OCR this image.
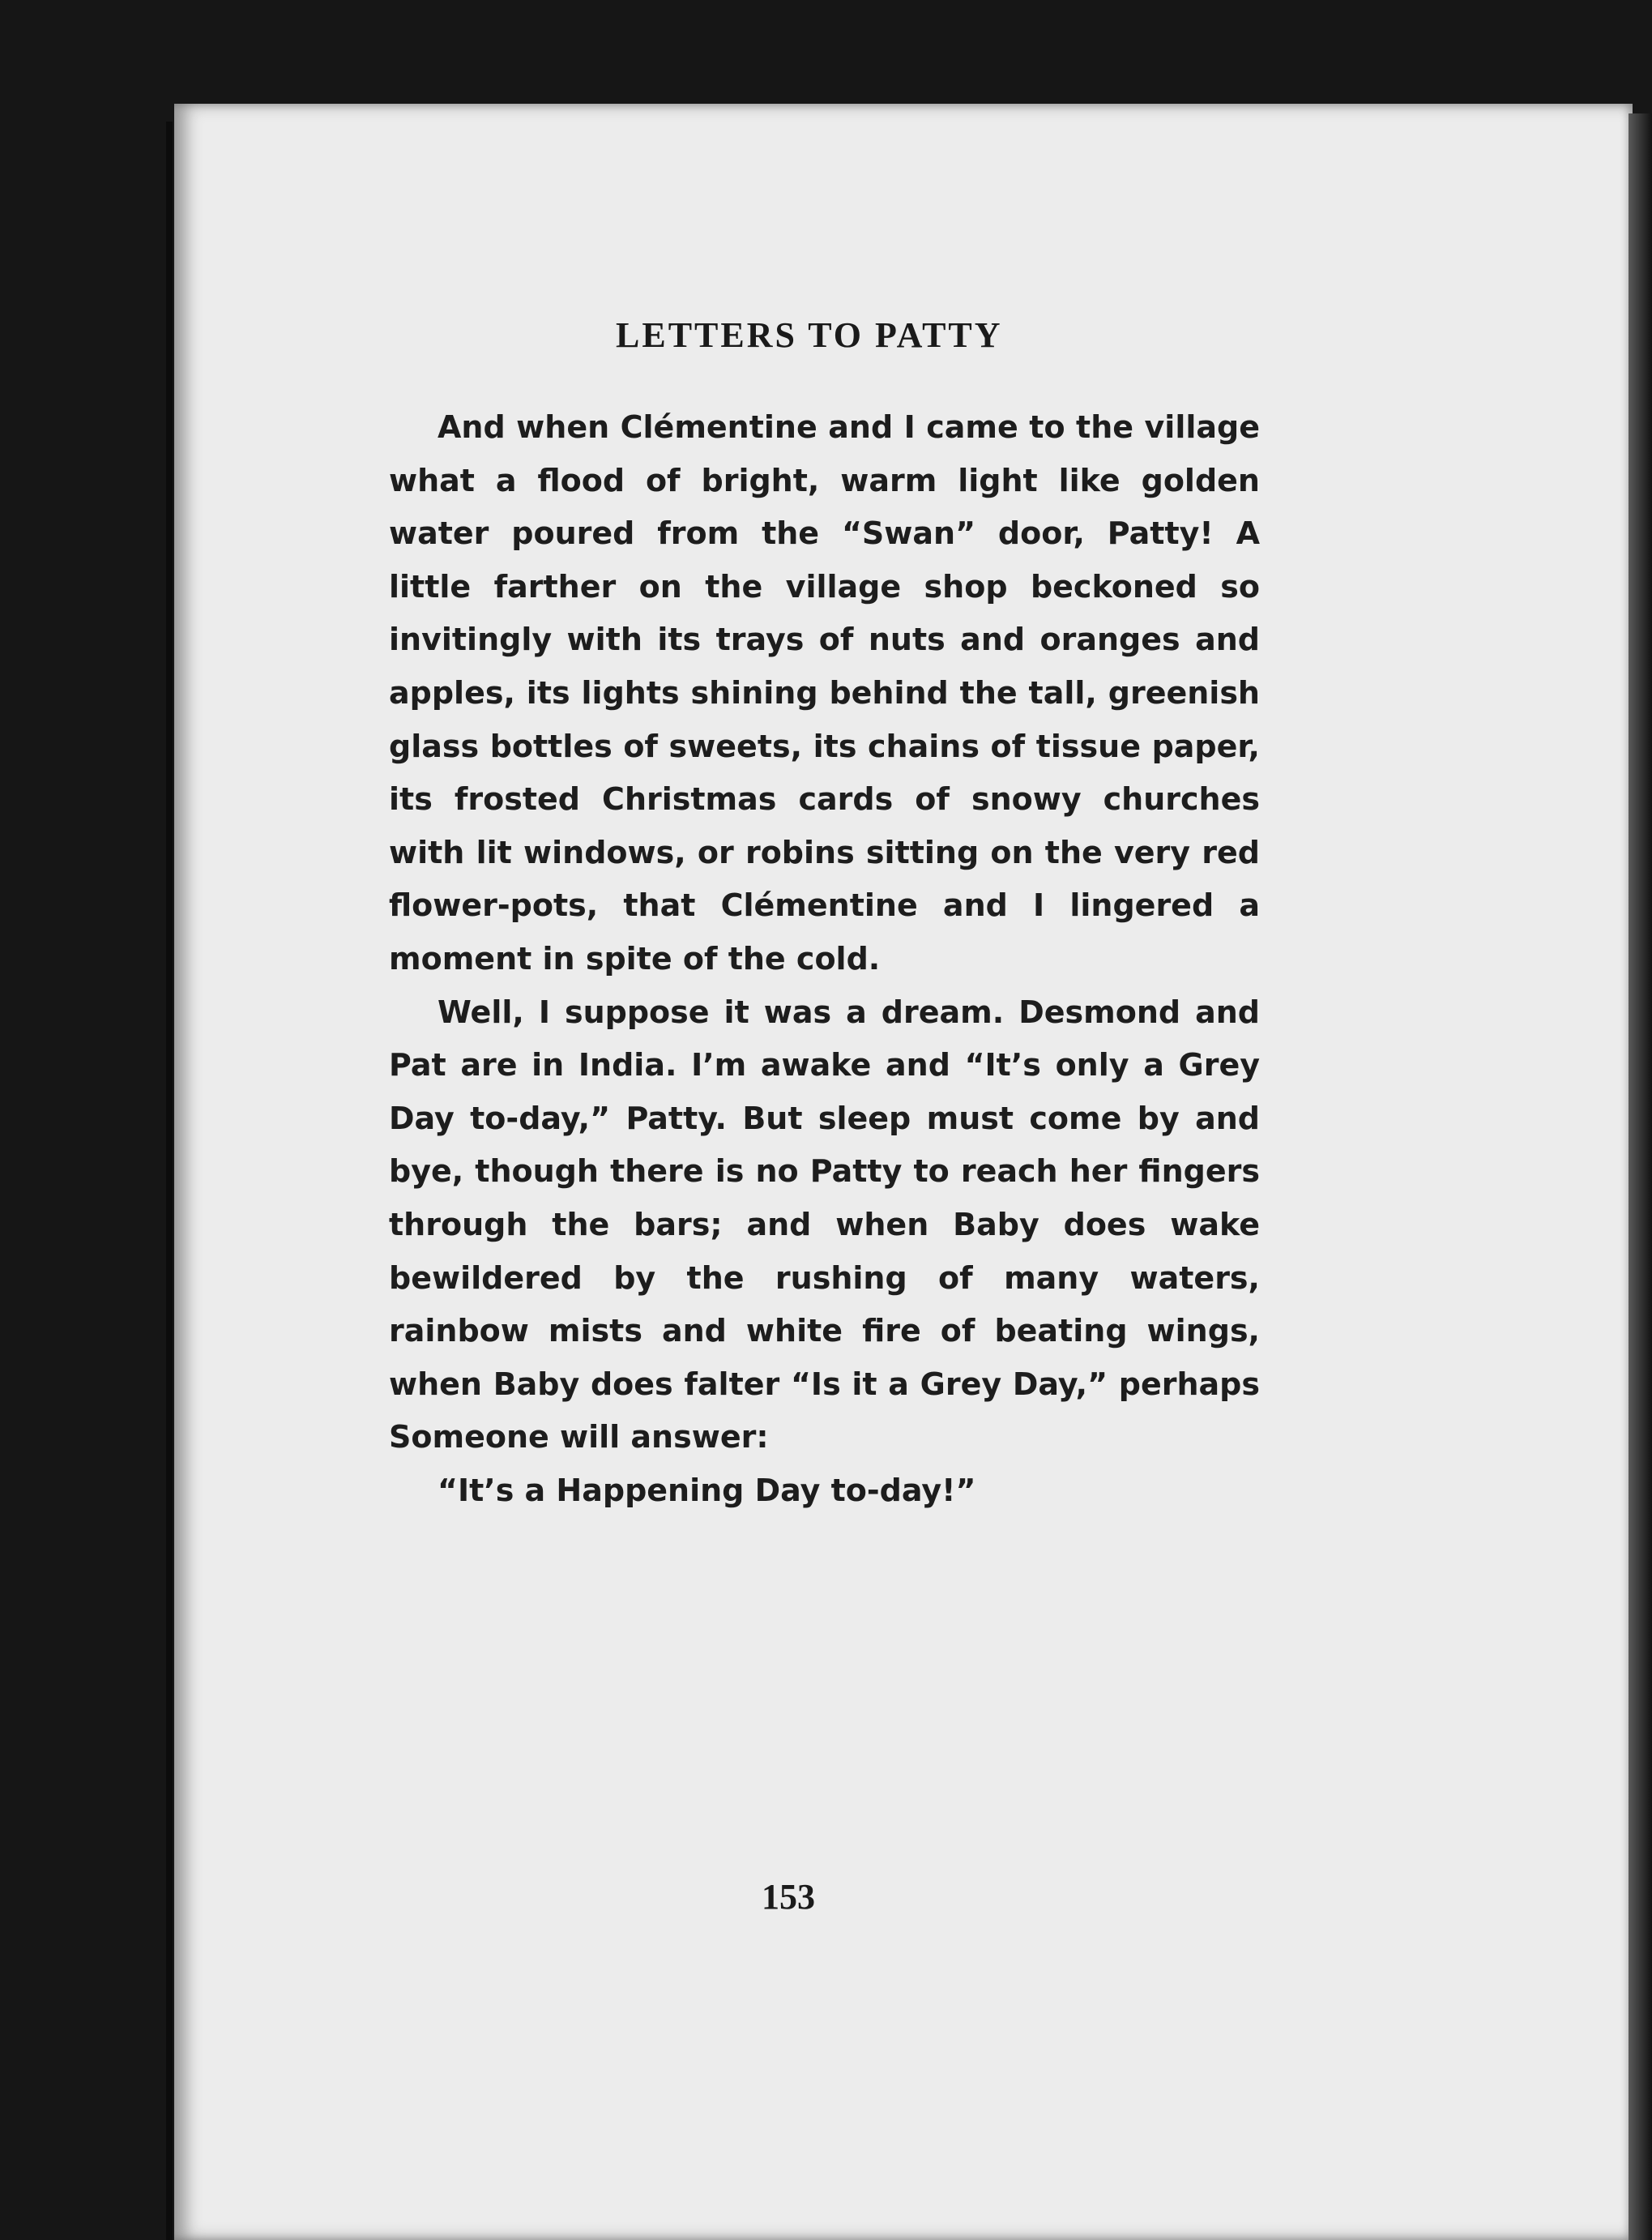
LETTERS TO PATTY

And when Clémentine and I came to the village what a flood of bright, warm light like golden water poured from the “Swan” door, Patty! A little farther on the village shop beckoned so invitingly with its trays of nuts and oranges and apples, its lights shining behind the tall, greenish glass bottles of sweets, its chains of tissue paper, its frosted Christmas cards of snowy churches with lit windows, or robins sitting on the very red flower-pots, that Clémentine and I lingered a moment in spite of the cold.

Well, I suppose it was a dream. Desmond and Pat are in India. I’m awake and “It’s only a Grey Day to-day,” Patty. But sleep must come by and bye, though there is no Patty to reach her fingers through the bars; and when Baby does wake bewildered by the rushing of many waters, rainbow mists and white fire of beating wings, when Baby does falter “Is it a Grey Day,” perhaps Someone will answer:

“It’s a Happening Day to-day!”

153
